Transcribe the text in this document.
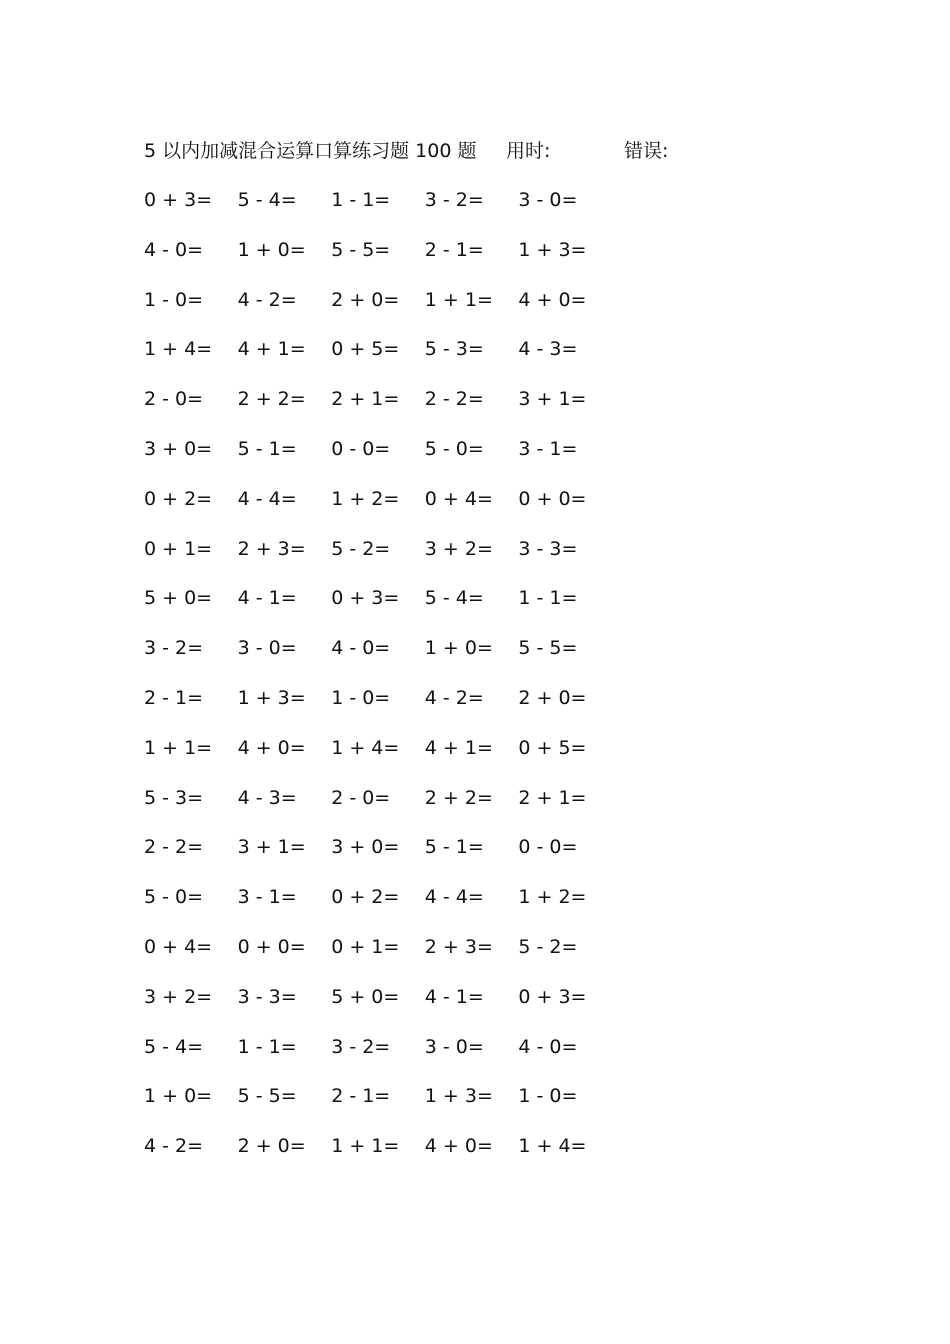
5 以内加减混合运算口算练习题 100 题 用时:	错误:
0 + 3=	5 - 4=	1 - 1=	3 - 2=	3 - 0=
4 - 0=	1 + 0=	5 - 5=	2 - 1=	1 + 3=
1 - 0=	4 - 2=	2 + 0=	1 + 1=	4 + 0=
1 + 4=	4 + 1=	0 + 5=	5 - 3=	4 - 3=
2 - 0=	2 + 2=	2 + 1=	2 - 2=	3 + 1=
3 + 0=	5 - 1=	0 - 0=	5 - 0=	3 - 1=
0 + 2=	4 - 4=	1 + 2=	0 + 4=	0 + 0=
0 + 1=	2 + 3=	5 - 2=	3 + 2=	3 - 3=
5 + 0=	4 - 1=	0 + 3=	5 - 4=	1 - 1=
3 - 2=	3 - 0=	4 - 0=	1 + 0=	5 - 5=
2 - 1=	1 + 3=	1 - 0=	4 - 2=	2 + 0=
1 + 1=	4 + 0=	1 + 4=	4 + 1=	0 + 5=
5 - 3=	4 - 3=	2 - 0=	2 + 2=	2 + 1=
2 - 2=	3 + 1=	3 + 0=	5 - 1=	0 - 0=
5 - 0=	3 - 1=	0 + 2=	4 - 4=	1 + 2=
0 + 4=	0 + 0=	0 + 1=	2 + 3=	5 - 2=
3 + 2=	3 - 3=	5 + 0=	4 - 1=	0 + 3=
5 - 4=	1 - 1=	3 - 2=	3 - 0=	4 - 0=
1 + 0=	5 - 5=	2 - 1=	1 + 3=	1 - 0=
4 - 2=	2 + 0=	1 + 1=	4 + 0=	1 + 4=
